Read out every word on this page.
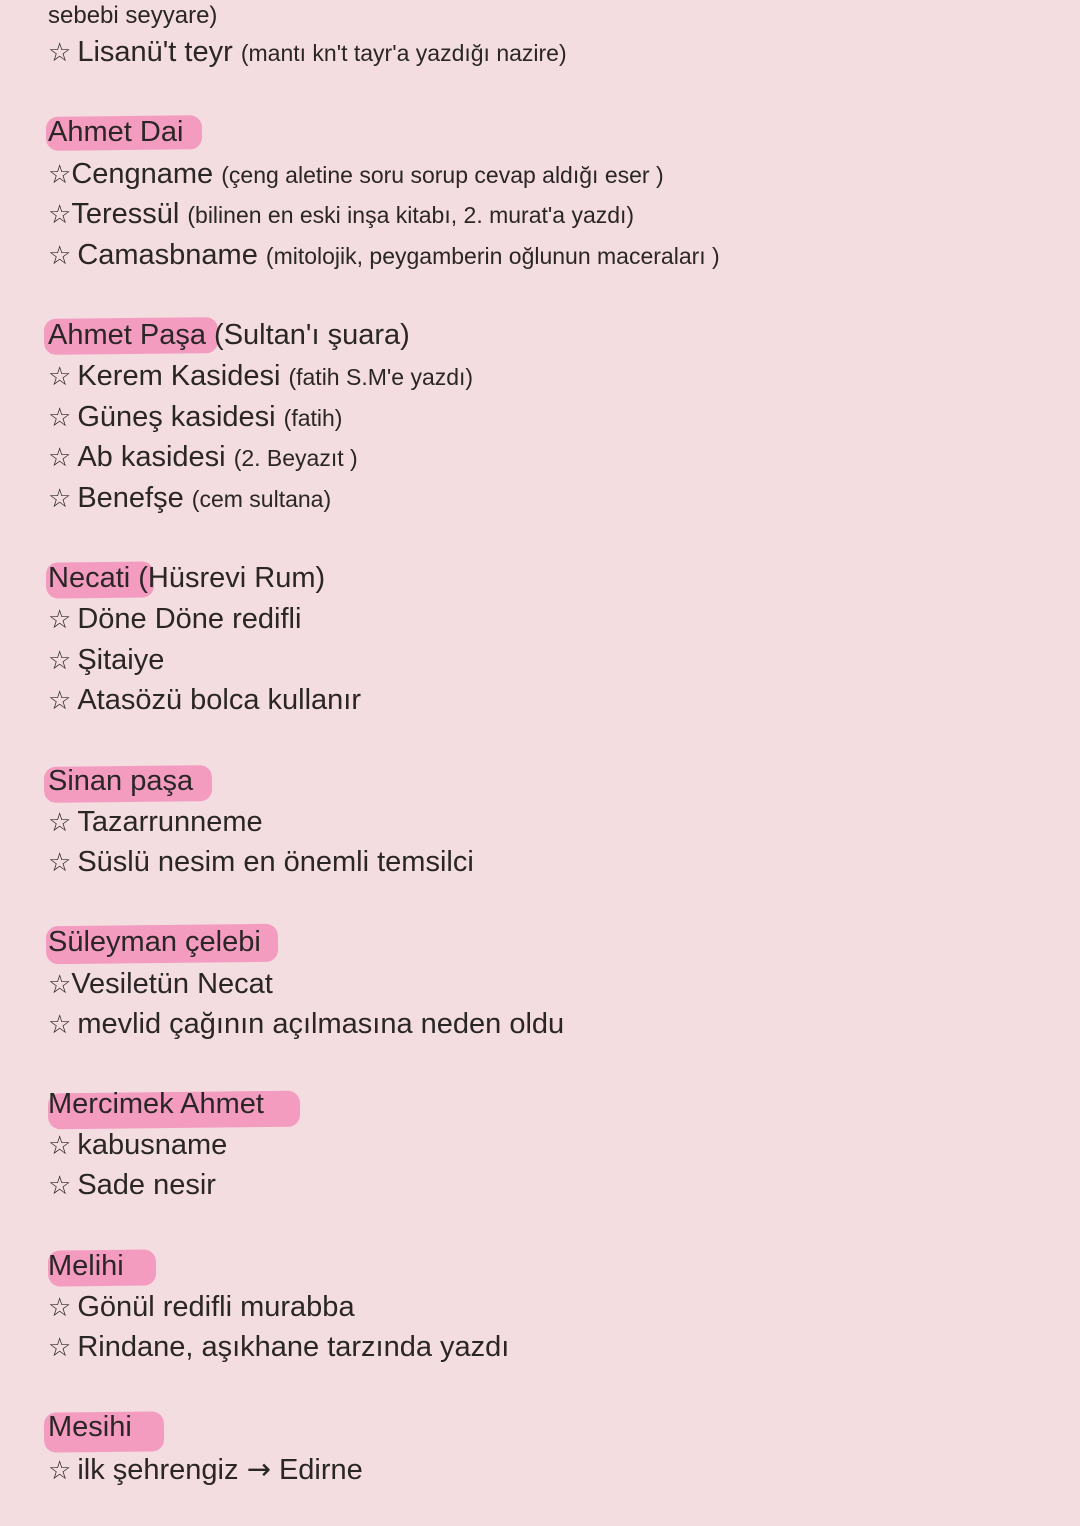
sebebi seyyare)
☆ Lisanü't teyr (mantı kn't tayr'a yazdığı nazire)
Ahmet Dai
☆Cengname (çeng aletine soru sorup cevap aldığı eser )
☆Teressül (bilinen en eski inşa kitabı, 2. murat'a yazdı)
☆ Camasbname (mitolojik, peygamberin oğlunun maceraları )
Ahmet Paşa (Sultan'ı şuara)
☆ Kerem Kasidesi (fatih S.M'e yazdı)
☆ Güneş kasidesi (fatih)
☆ Ab kasidesi (2. Beyazıt )
☆ Benefşe (cem sultana)
Necati (Hüsrevi Rum)
☆ Döne Döne redifli
☆ Şitaiye
☆ Atasözü bolca kullanır
Sinan paşa
☆ Tazarrunneme
☆ Süslü nesim en önemli temsilci
Süleyman çelebi
☆Vesiletün Necat
☆ mevlid çağının açılmasına neden oldu
Mercimek Ahmet
☆ kabusname
☆ Sade nesir
Melihi
☆ Gönül redifli murabba
☆ Rindane, aşıkhane tarzında yazdı
Mesihi
☆ ilk şehrengiz → Edirne
